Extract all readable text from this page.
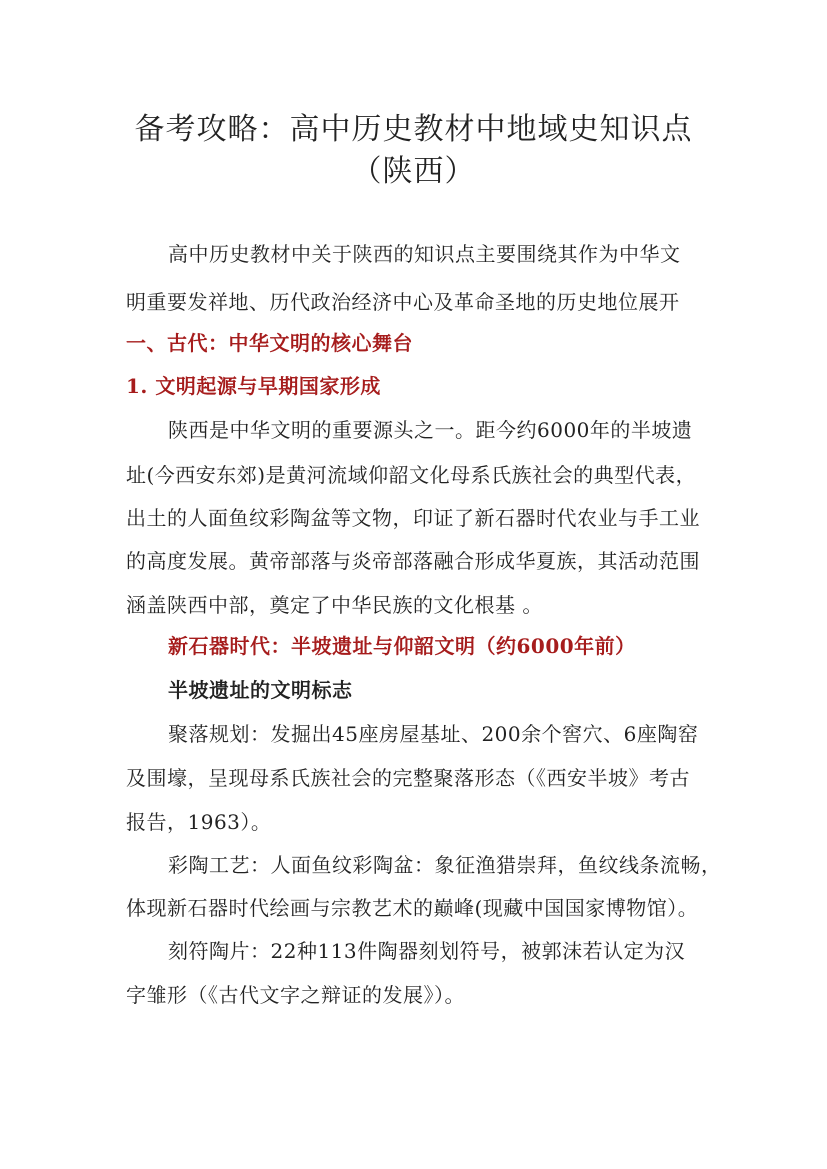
备考攻略：高中历史教材中地域史知识点
（陕西）
高中历史教材中关于陕西的知识点主要围绕其作为中华文
明重要发祥地、历代政治经济中心及革命圣地的历史地位展开
一、古代：中华文明的核心舞台
1. 文明起源与早期国家形成
陕西是中华文明的重要源头之一。距今约6000年的半坡遗
址(今西安东郊)是黄河流域仰韶文化母系氏族社会的典型代表，
出土的人面鱼纹彩陶盆等文物，印证了新石器时代农业与手工业
的高度发展。黄帝部落与炎帝部落融合形成华夏族，其活动范围
涵盖陕西中部，奠定了中华民族的文化根基 。
新石器时代：半坡遗址与仰韶文明（约6000年前）
半坡遗址的文明标志
聚落规划：发掘出45座房屋基址、200余个窖穴、6座陶窑
及围壕，呈现母系氏族社会的完整聚落形态（《西安半坡》考古
报告，1963）。
彩陶工艺：人面鱼纹彩陶盆：象征渔猎崇拜，鱼纹线条流畅，
体现新石器时代绘画与宗教艺术的巅峰(现藏中国国家博物馆）。
刻符陶片：22种113件陶器刻划符号，被郭沫若认定为汉
字雏形（《古代文字之辩证的发展》）。
